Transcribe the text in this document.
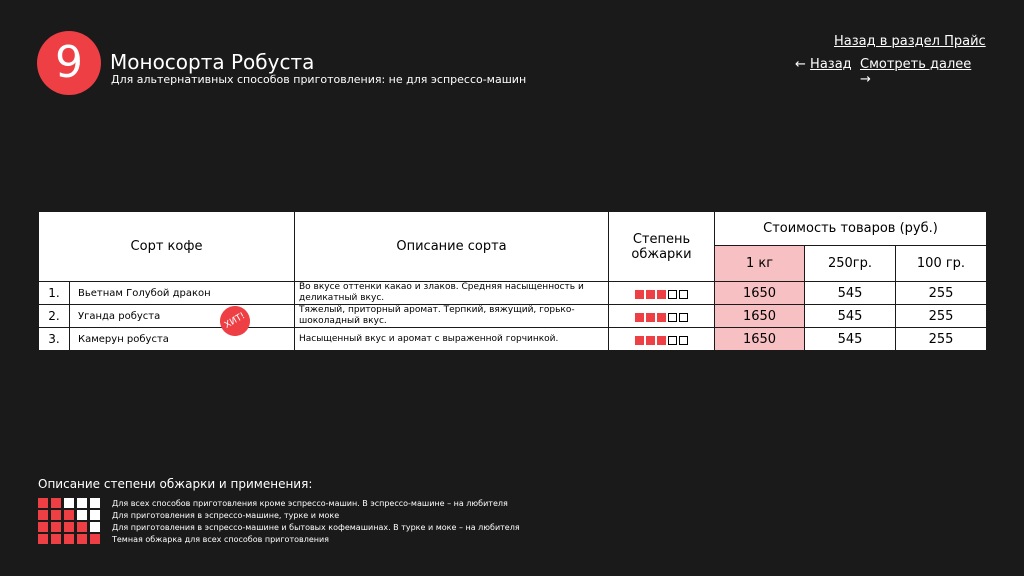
9	Моносорта Робуста
Для альтернативных способов приготовления: не для эспрессо-машин
Назад в раздел Прайс
← Назад Смотреть далее
→
Сорт кофе		Описание сорта	Степень обжарки	Стоимость товаров (руб.)		
				1 кг	250гр.	100 гр.
1.	Вьетнам Голубой дракон	Во вкусе оттенки какао и злаков. Средняя насыщенность и деликатный вкус.		1650	545	255
2.	Уганда робуста ХИТ!	Тяжелый, приторный аромат. Терпкий, вяжущий, горько-шоколадный вкус.		1650	545	255
3.	Камерун робуста	Насыщенный вкус и аромат с выраженной горчинкой.		1650	545	255
Описание степени обжарки и применения:
Для всех способов приготовления кроме эспрессо-машин. В эспрессо-машине – на любителя
Для приготовления в эспрессо-машине, турке и моке
Для приготовления в эспрессо-машине и бытовых кофемашинах. В турке и моке – на любителя
Темная обжарка для всех способов приготовления
